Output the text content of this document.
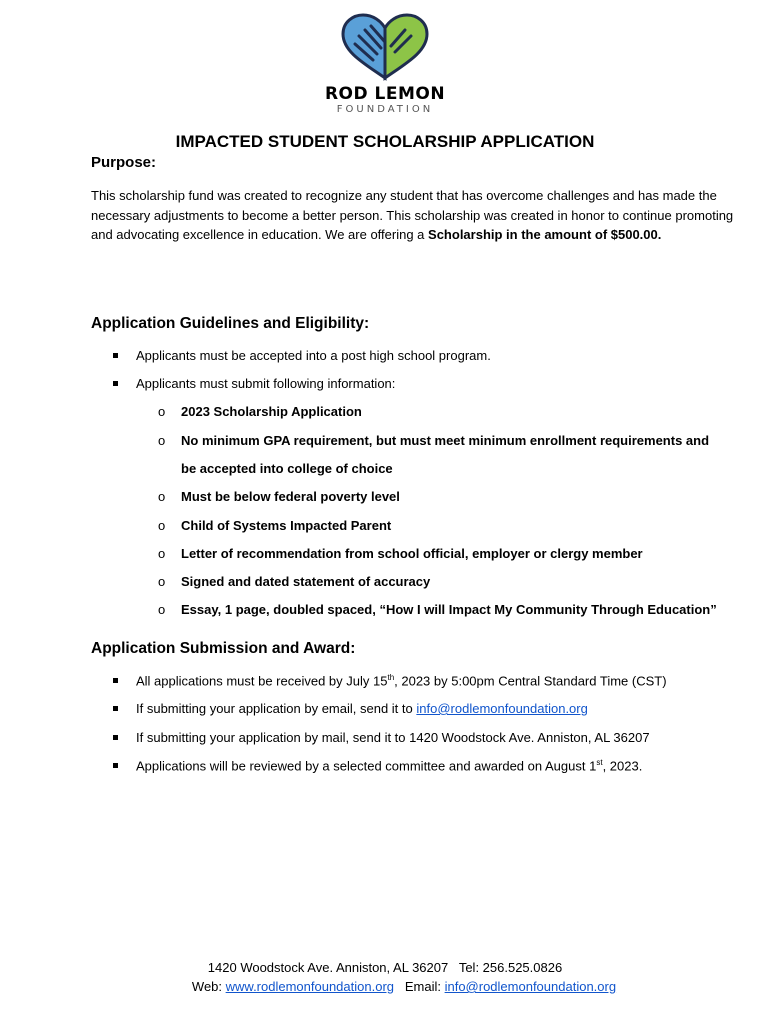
ROD LEMON
FOUNDATION
IMPACTED STUDENT SCHOLARSHIP APPLICATION
Purpose:
This scholarship fund was created to recognize any student that has overcome challenges and has made the necessary adjustments to become a better person. This scholarship was created in honor to continue promoting and advocating excellence in education. We are offering a Scholarship in the amount of $500.00.
Application Guidelines and Eligibility:
Applicants must be accepted into a post high school program.
Applicants must submit following information:
o 2023 Scholarship Application
o No minimum GPA requirement, but must meet minimum enrollment requirements and
be accepted into college of choice
o Must be below federal poverty level
o Child of Systems Impacted Parent
o Letter of recommendation from school official, employer or clergy member
o Signed and dated statement of accuracy
o Essay, 1 page, doubled spaced, “How I will Impact My Community Through Education”
Application Submission and Award:
All applications must be received by July 15th, 2023 by 5:00pm Central Standard Time (CST)
If submitting your application by email, send it to info@rodlemonfoundation.org
If submitting your application by mail, send it to 1420 Woodstock Ave. Anniston, AL 36207
Applications will be reviewed by a selected committee and awarded on August 1st, 2023.
1420 Woodstock Ave. Anniston, AL 36207   Tel: 256.525.0826
Web: www.rodlemonfoundation.org   Email: info@rodlemonfoundation.org
